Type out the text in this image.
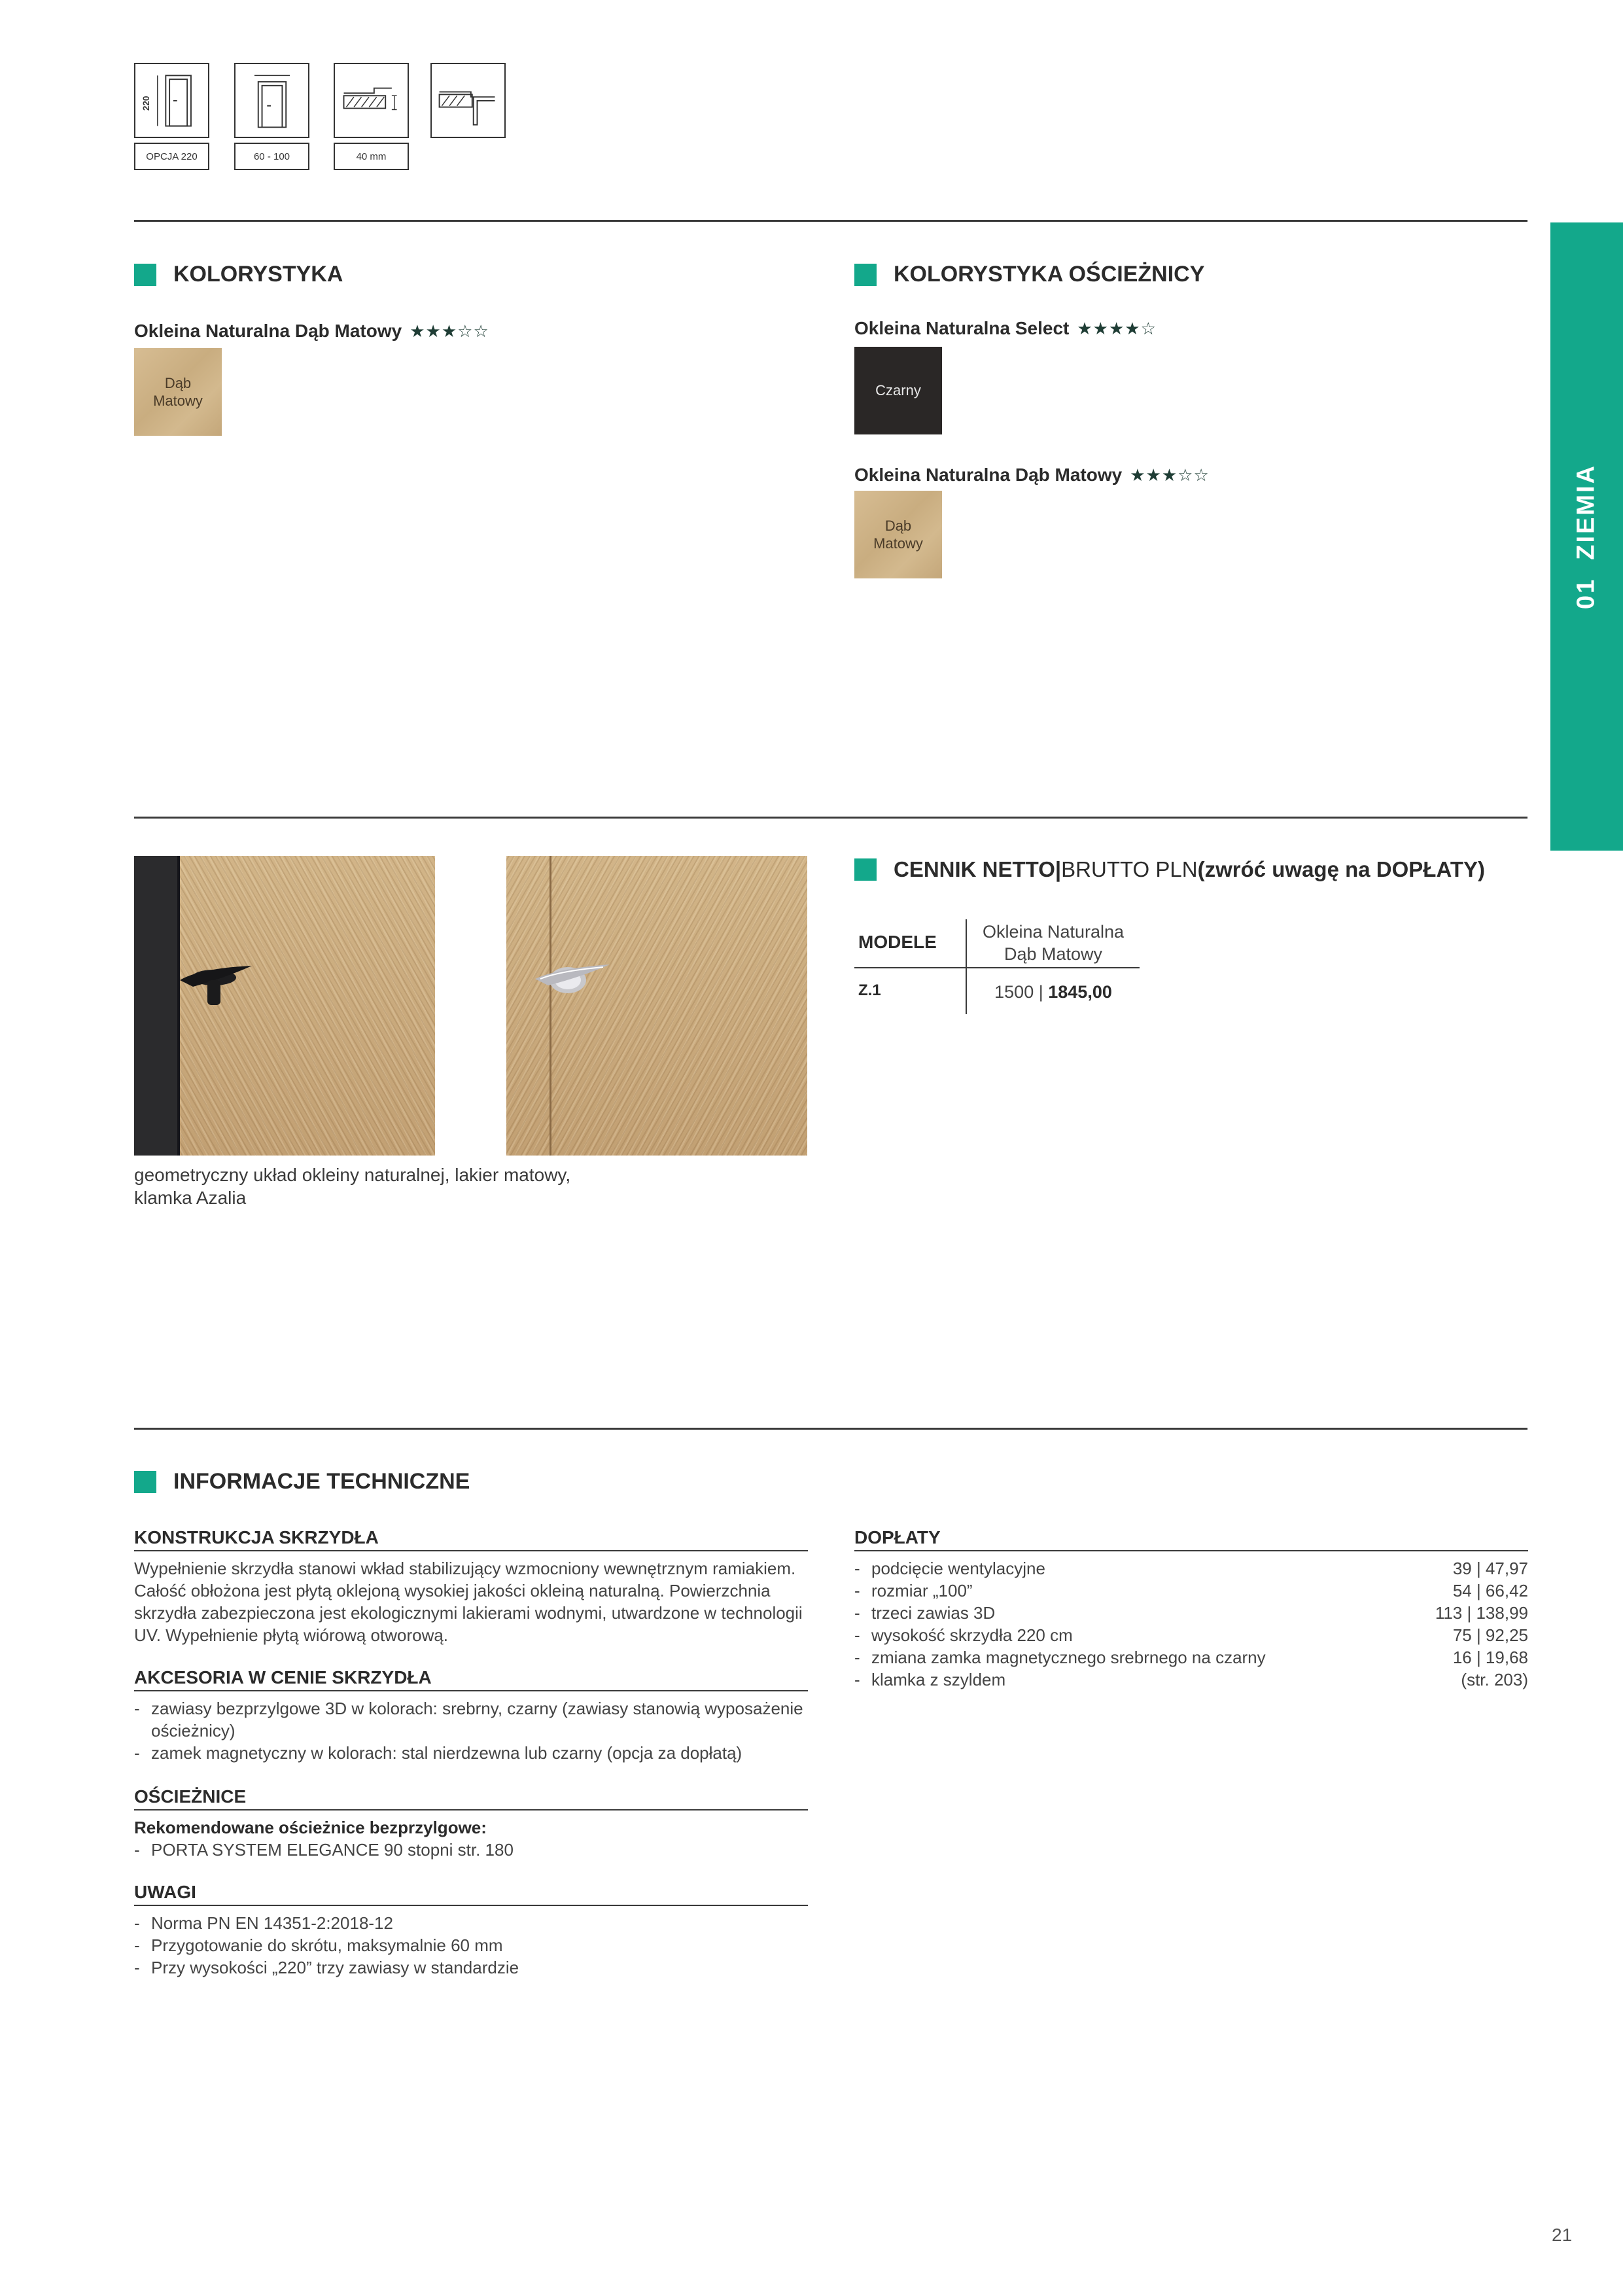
220
OPCJA 220	60 - 100	40 mm
01  ZIEMIA
KOLORYSTYKA
Okleina Naturalna Dąb Matowy ★★★☆☆
Dąb Matowy
KOLORYSTYKA OŚCIEŻNICY
Okleina Naturalna Select ★★★★☆
Czarny
Okleina Naturalna Dąb Matowy ★★★☆☆
Dąb Matowy
geometryczny układ okleiny naturalnej, lakier matowy, klamka Azalia
CENNIK NETTO | BRUTTO PLN (zwróć uwagę na DOPŁATY)
MODELE	Okleina Naturalna Dąb Matowy
Z.1	1500 | 1845,00
INFORMACJE TECHNICZNE
KONSTRUKCJA SKRZYDŁA
Wypełnienie skrzydła stanowi wkład stabilizujący wzmocniony wewnętrznym ramiakiem. Całość obłożona jest płytą oklejoną wysokiej jakości okleiną naturalną. Powierzchnia skrzydła zabezpieczona jest ekologicznymi lakierami wodnymi, utwardzone w technologii UV. Wypełnienie płytą wiórową otworową.
AKCESORIA W CENIE SKRZYDŁA
- zawiasy bezprzylgowe 3D w kolorach: srebrny, czarny (zawiasy stanowią wyposażenie ościeżnicy)
- zamek magnetyczny w kolorach: stal nierdzewna lub czarny (opcja za dopłatą)
OŚCIEŻNICE
Rekomendowane ościeżnice bezprzylgowe:
- PORTA SYSTEM ELEGANCE 90 stopni str. 180
UWAGI
- Norma PN EN 14351-2:2018-12
- Przygotowanie do skrótu, maksymalnie 60 mm
- Przy wysokości „220” trzy zawiasy w standardzie
DOPŁATY
- podcięcie wentylacyjne	39 | 47,97
- rozmiar „100”	54 | 66,42
- trzeci zawias 3D	113 | 138,99
- wysokość skrzydła 220 cm	75 | 92,25
- zmiana zamka magnetycznego srebrnego na czarny	16 | 19,68
- klamka z szyldem	(str. 203)
21
